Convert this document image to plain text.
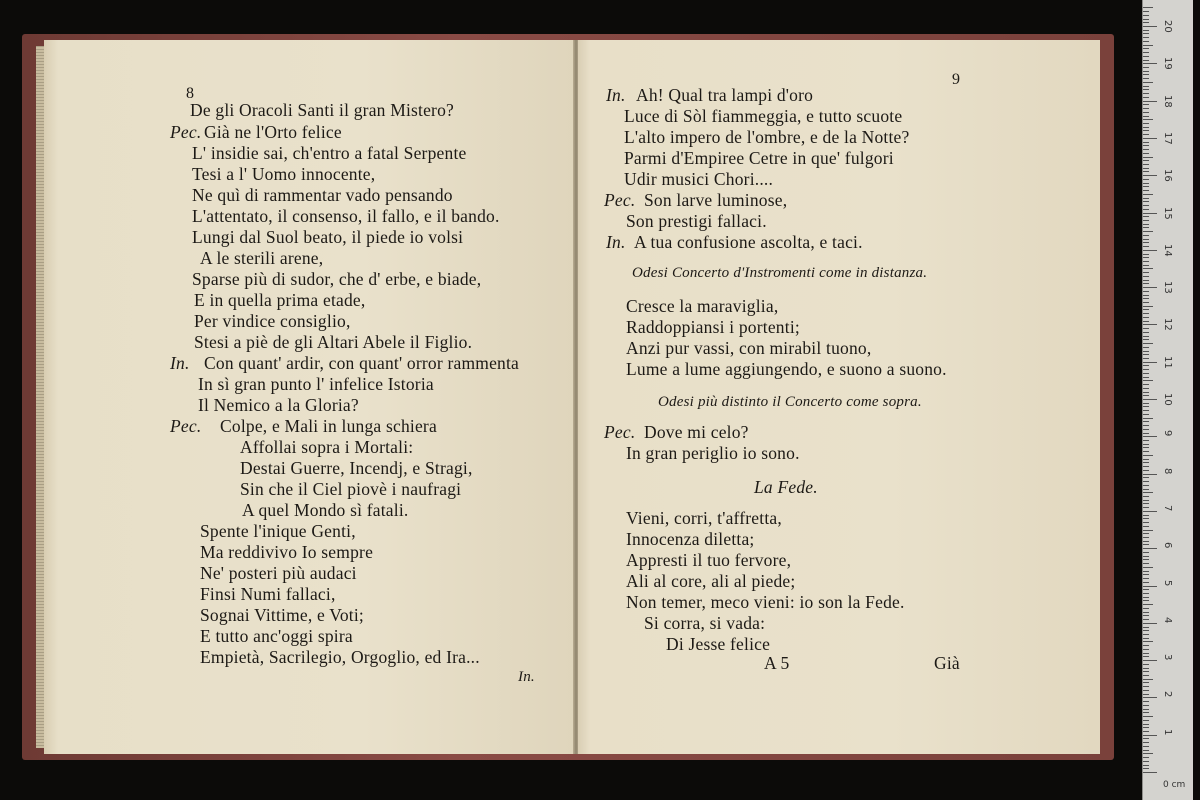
8
De gli Oracoli Santi il gran Mistero?
Pec. Già ne l'Orto felice
L' insidie sai, ch'entro a fatal Serpente
Tesi a l' Uomo innocente,
Ne quì di rammentar vado pensando
L'attentato, il consenso, il fallo, e il bando.
Lungi dal Suol beato, il piede io volsi
A le sterili arene,
Sparse più di sudor, che d' erbe, e biade,
E in quella prima etade,
Per vindice consiglio,
Stesi a piè de gli Altari Abele il Figlio.
In. Con quant' ardir, con quant' orror rammenta
In sì gran punto l' infelice Istoria
Il Nemico a la Gloria?
Pec. Colpe, e Mali in lunga schiera
Affollai sopra i Mortali:
Destai Guerre, Incendj, e Stragi,
Sin che il Ciel piovè i naufragi
A quel Mondo sì fatali.
Spente l'inique Genti,
Ma reddivivo Io sempre
Ne' posteri più audaci
Finsi Numi fallaci,
Sognai Vittime, e Voti;
E tutto anc'oggi spira
Empietà, Sacrilegio, Orgoglio, ed Ira...
In.
9
In. Ah! Qual tra lampi d'oro
Luce di Sòl fiammeggia, e tutto scuote
L'alto impero de l'ombre, e de la Notte?
Parmi d'Empiree Cetre in que' fulgori
Udir musici Chori....
Pec. Son larve luminose,
Son prestigi fallaci.
In. A tua confusione ascolta, e taci.
Odesi Concerto d'Instromenti come in distanza.
Cresce la maraviglia,
Raddoppiansi i portenti;
Anzi pur vassi, con mirabil tuono,
Lume a lume aggiungendo, e suono a suono.
Odesi più distinto il Concerto come sopra.
Pec. Dove mi celo?
In gran periglio io sono.
La Fede.
Vieni, corri, t'affretta,
Innocenza diletta;
Appresti il tuo fervore,
Ali al core, ali al piede;
Non temer, meco vieni: io son la Fede.
Si corra, si vada:
Di Jesse felice
A 5	Già
1
2
3
4
5
6
7
8
9
10
11
12
13
14
15
16
17
18
19
20
0 cm
